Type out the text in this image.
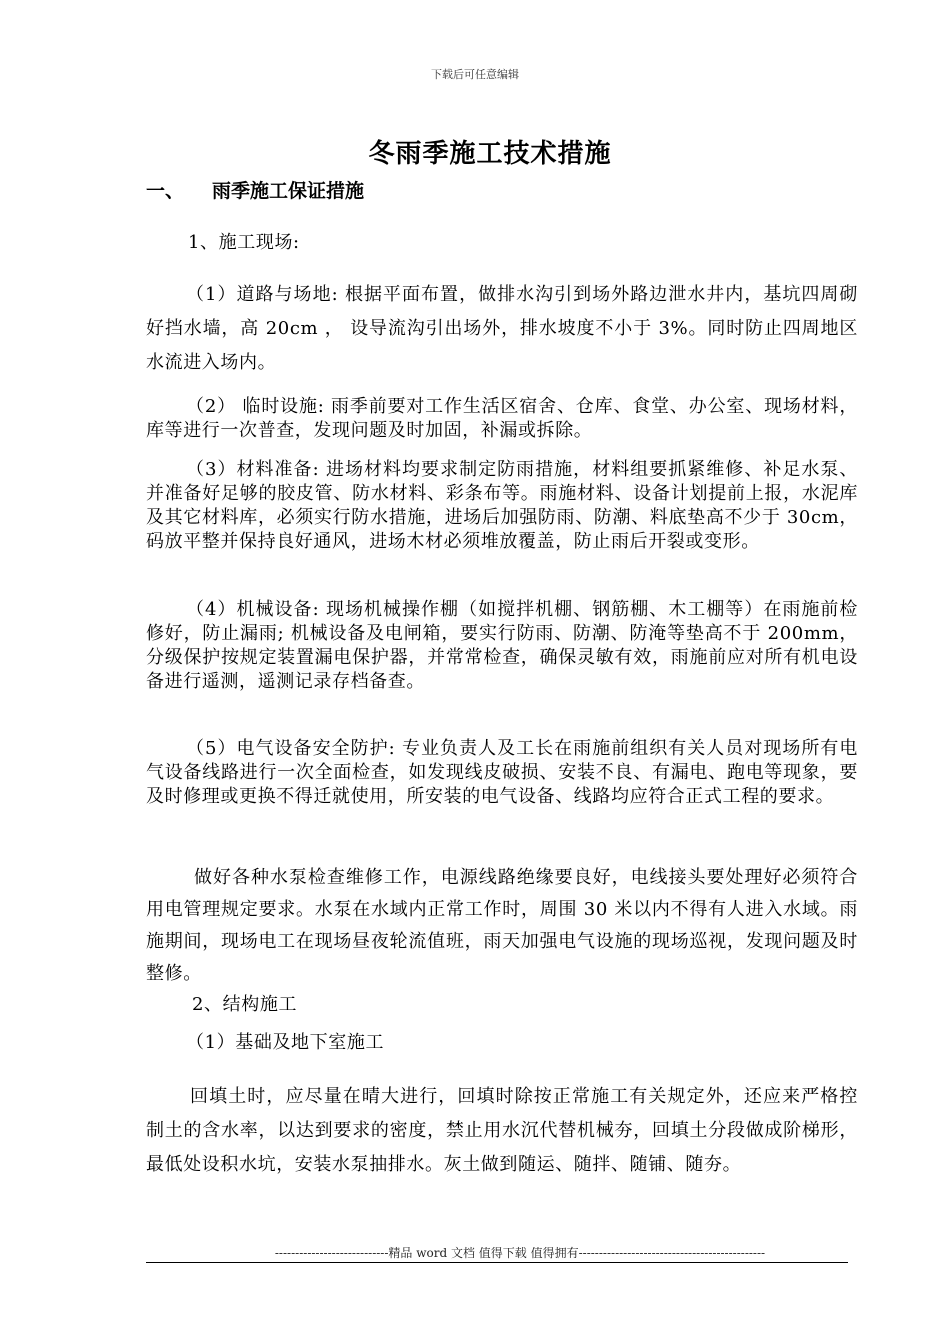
下载后可任意编辑
冬雨季施工技术措施
一、 雨季施工保证措施

1、施工现场:

（1）道路与场地: 根据平面布置，做排水沟引到场外路边泄水井内，基坑四周砌好挡水墙，高 20cm ， 设导流沟引出场外，排水坡度不小于 3%。同时防止四周地区水流进入场内。

（2） 临时设施: 雨季前要对工作生活区宿舍、仓库、食堂、办公室、现场材料，库等进行一次普查，发现问题及时加固，补漏或拆除。

（3）材料准备: 进场材料均要求制定防雨措施，材料组要抓紧维修、补足水泵、并准备好足够的胶皮管、防水材料、彩条布等。雨施材料、设备计划提前上报，水泥库及其它材料库，必须实行防水措施，进场后加强防雨、防潮、料底垫高不少于 30cm，码放平整并保持良好通风，进场木材必须堆放覆盖，防止雨后开裂或变形。

（4）机械设备: 现场机械操作棚（如搅拌机棚、钢筋棚、木工棚等）在雨施前检修好，防止漏雨; 机械设备及电闸箱，要实行防雨、防潮、防淹等垫高不于 200mm，分级保护按规定装置漏电保护器，并常常检查，确保灵敏有效，雨施前应对所有机电设备进行遥测，遥测记录存档备查。

（5）电气设备安全防护: 专业负责人及工长在雨施前组织有关人员对现场所有电气设备线路进行一次全面检查，如发现线皮破损、安装不良、有漏电、跑电等现象，要及时修理或更换不得迁就使用，所安装的电气设备、线路均应符合正式工程的要求。

做好各种水泵检查维修工作，电源线路绝缘要良好，电线接头要处理好必须符合用电管理规定要求。水泵在水域内正常工作时，周围 30 米以内不得有人进入水域。雨施期间，现场电工在现场昼夜轮流值班，雨天加强电气设施的现场巡视，发现问题及时整修。

2、结构施工

（1）基础及地下室施工

回填土时，应尽量在晴大进行，回填时除按正常施工有关规定外，还应来严格控制土的含水率，以达到要求的密度，禁止用水沉代替机械夯，回填土分段做成阶梯形，最低处设积水坑，安装水泵抽排水。灰土做到随运、随拌、随铺、随夯。

----------------------------精品 word 文档 值得下载 值得拥有----------------------------------------------
